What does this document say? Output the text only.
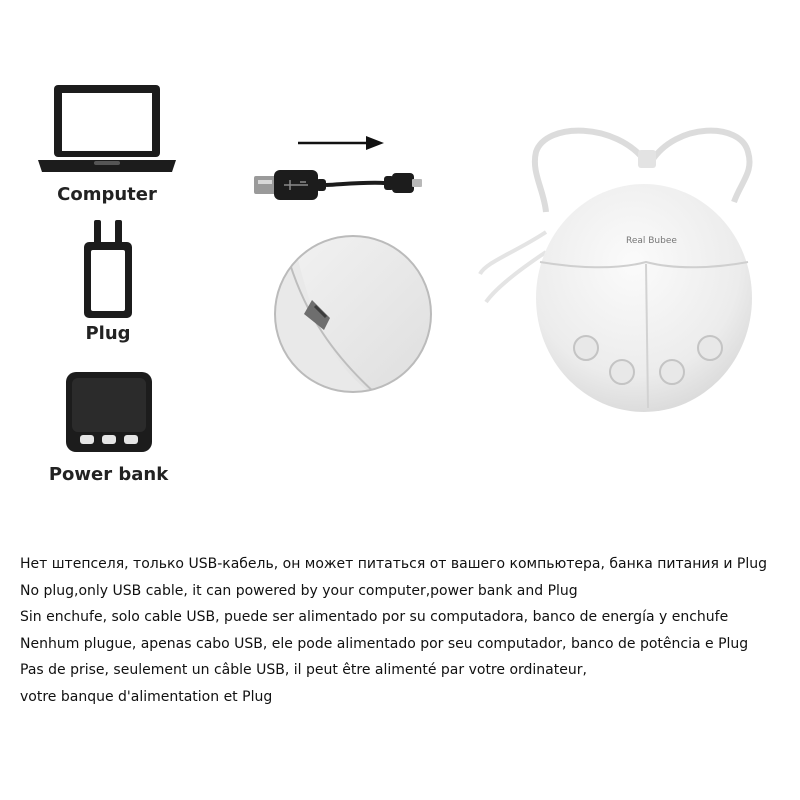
Computer
Plug
Power bank
Real Bubee
Нет штепселя, только USB-кабель, он может питаться от вашего компьютера, банка питания и Plug
No plug,only USB cable, it can powered by your computer,power bank and Plug
Sin enchufe, solo cable USB, puede ser alimentado por su computadora, banco de energía y enchufe
Nenhum plugue, apenas cabo USB, ele pode alimentado por seu computador, banco de potência e Plug
Pas de prise, seulement un câble USB, il peut être alimenté par votre ordinateur,
votre banque d'alimentation et Plug
